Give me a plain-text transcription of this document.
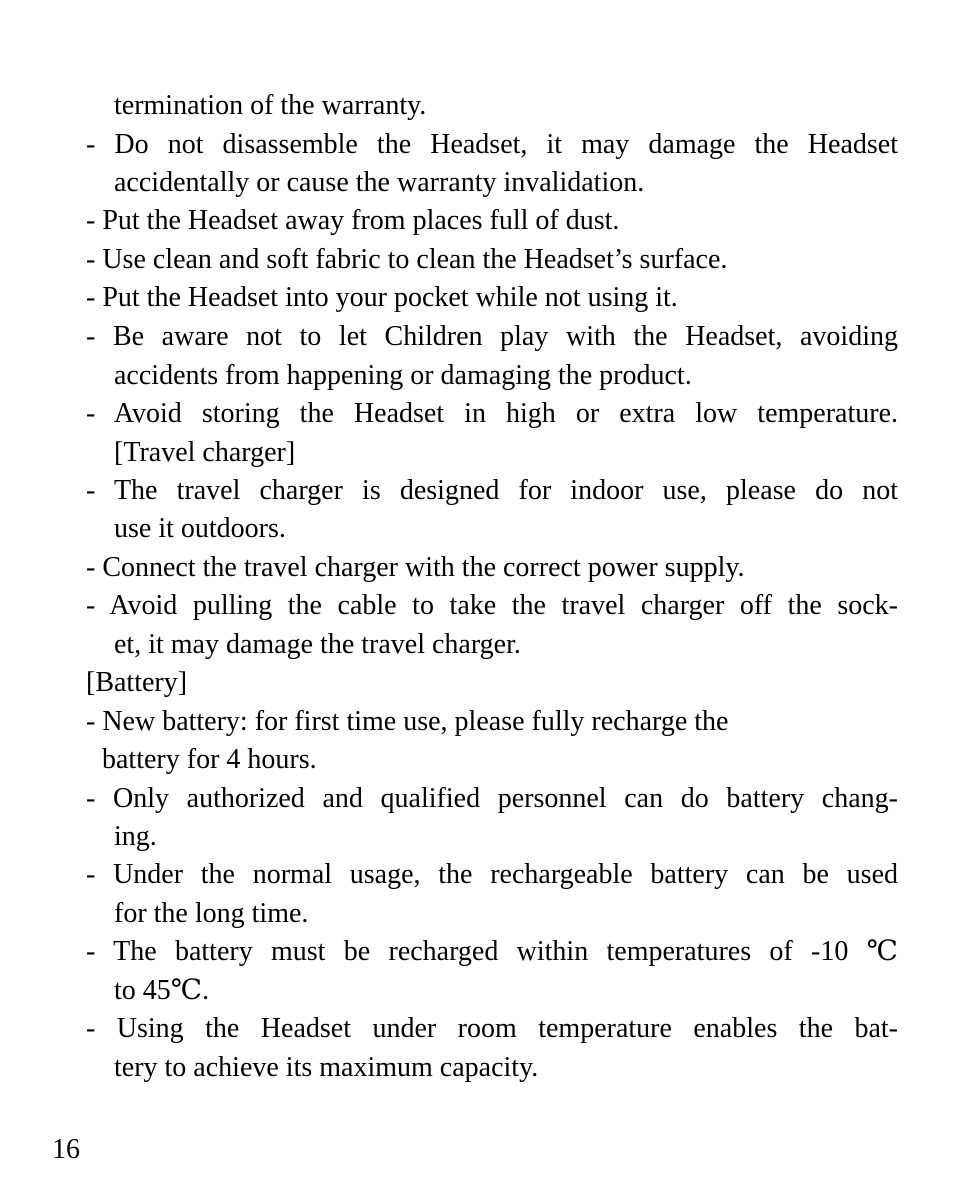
termination of the warranty.

- Do not disassemble the Headset, it may damage the Headset

accidentally or cause the warranty invalidation.

- Put the Headset away from places full of dust.

- Use clean and soft fabric to clean the Headset’s surface.

- Put the Headset into your pocket while not using it.

- Be aware not to let Children play with the Headset, avoiding

accidents from happening or damaging the product.

- Avoid storing the Headset in high or extra low temperature.

[Travel charger]

- The travel charger is designed for indoor use, please do not

use it outdoors.

- Connect the travel charger with the correct power supply.

- Avoid pulling the cable to take the travel charger off the sock-

et, it may damage the travel charger.

[Battery]

- New battery: for first time use, please fully recharge the

battery for 4 hours.

- Only authorized and qualified personnel can do battery chang-

ing.

- Under the normal usage, the rechargeable battery can be used

for the long time.

- The battery must be recharged within temperatures of -10 ℃

to 45℃.

- Using the Headset under room temperature enables the bat-

tery to achieve its maximum capacity.

16
